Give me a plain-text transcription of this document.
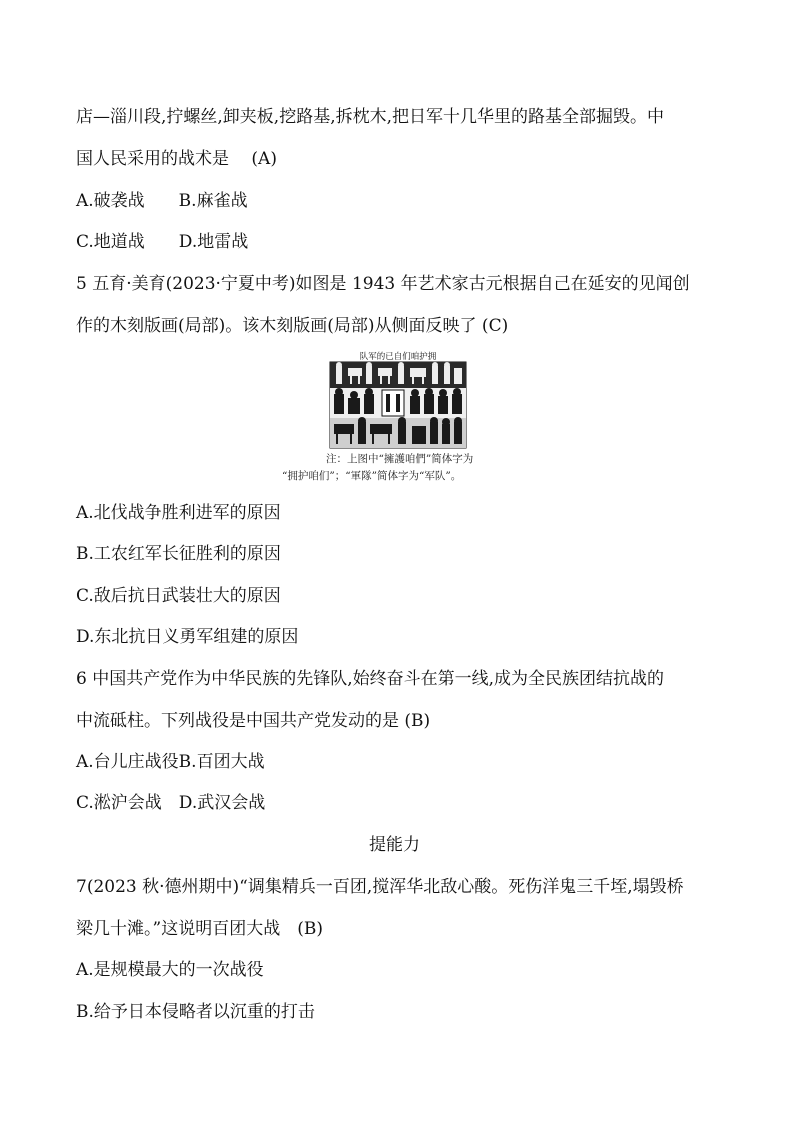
店—淄川段,拧螺丝,卸夹板,挖路基,拆枕木,把日军十几华里的路基全部掘毁。中
国人民采用的战术是　 (A)
A.破袭战　　B.麻雀战
C.地道战　　D.地雷战
5 五育·美育(2023·宁夏中考)如图是 1943 年艺术家古元根据自己在延安的见闻创
作的木刻版画(局部)。该木刻版画(局部)从侧面反映了 (C)
队军的已自们咱护拥
注：上图中“擁護咱們”简体字为
“拥护咱们”；“軍隊”简体字为“军队”。
A.北伐战争胜利进军的原因
B.工农红军长征胜利的原因
C.敌后抗日武装壮大的原因
D.东北抗日义勇军组建的原因
6 中国共产党作为中华民族的先锋队,始终奋斗在第一线,成为全民族团结抗战的
中流砥柱。下列战役是中国共产党发动的是 (B)
A.台儿庄战役B.百团大战
C.淞沪会战　D.武汉会战
提能力
7(2023 秋·德州期中)“调集精兵一百团,搅浑华北敌心酸。死伤洋鬼三千垤,塌毁桥
梁几十滩。”这说明百团大战　(B)
A.是规模最大的一次战役
B.给予日本侵略者以沉重的打击
